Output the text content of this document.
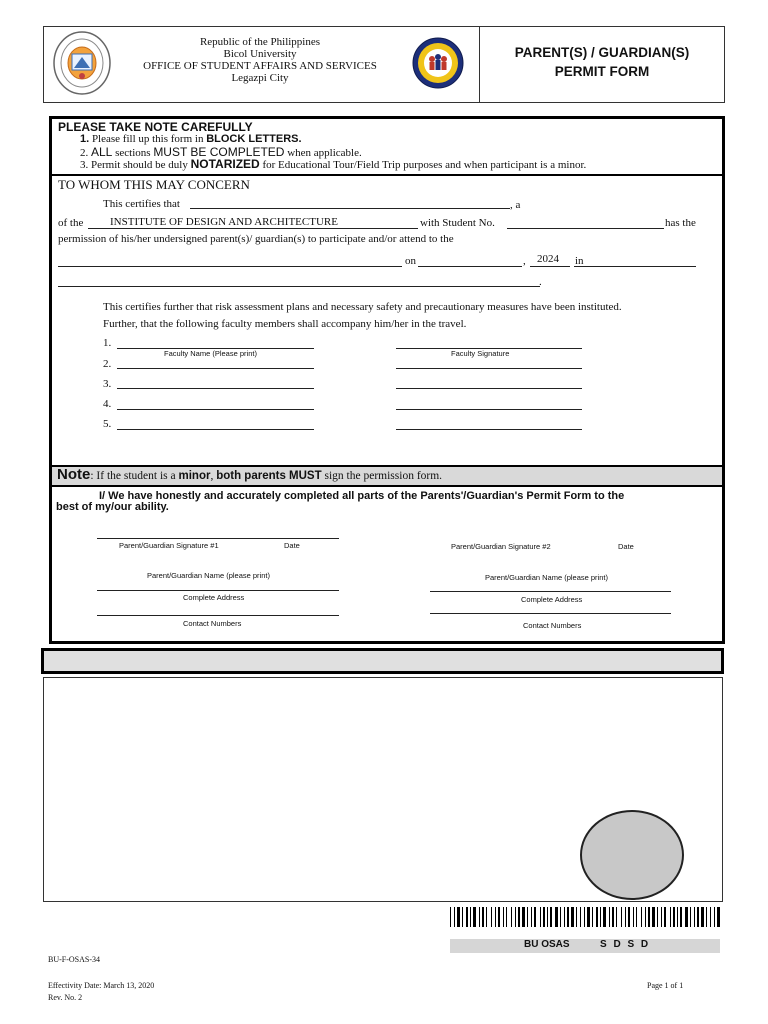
Republic of the Philippines
Bicol University
OFFICE OF STUDENT AFFAIRS AND SERVICES
Legazpi City
PARENT(S) / GUARDIAN(S)
PERMIT FORM
PLEASE TAKE NOTE CAREFULLY
1. Please fill up this form in BLOCK LETTERS.
2. ALL sections MUST BE COMPLETED when applicable.
3. Permit should be duly NOTARIZED for Educational Tour/Field Trip purposes and when participant is a minor.
TO WHOM THIS MAY CONCERN
This certifies that	, a
of the INSTITUTE OF DESIGN AND ARCHITECTURE	with Student No.	has the
permission of his/her undersigned parent(s)/ guardian(s) to participate and/or attend to the
on	, 2024 in
.
This certifies further that risk assessment plans and necessary safety and precautionary measures have been instituted.
Further, that the following faculty members shall accompany him/her in the travel.
1.
Faculty Name (Please print)	Faculty Signature
2.
3.
4.
5.
Note: If the student is a minor, both parents MUST sign the permission form.
I/ We have honestly and accurately completed all parts of the Parents'/Guardian's Permit Form to the
best of my/our ability.
Parent/Guardian Signature #1	Date	Parent/Guardian Signature #2	Date
Parent/Guardian Name (please print)	Parent/Guardian Name (please print)
Complete Address	Complete Address
Contact Numbers	Contact Numbers
BU OSAS	S D S D
BU-F-OSAS-34
Effectivity Date: March 13, 2020
Rev. No. 2
Page 1 of 1
